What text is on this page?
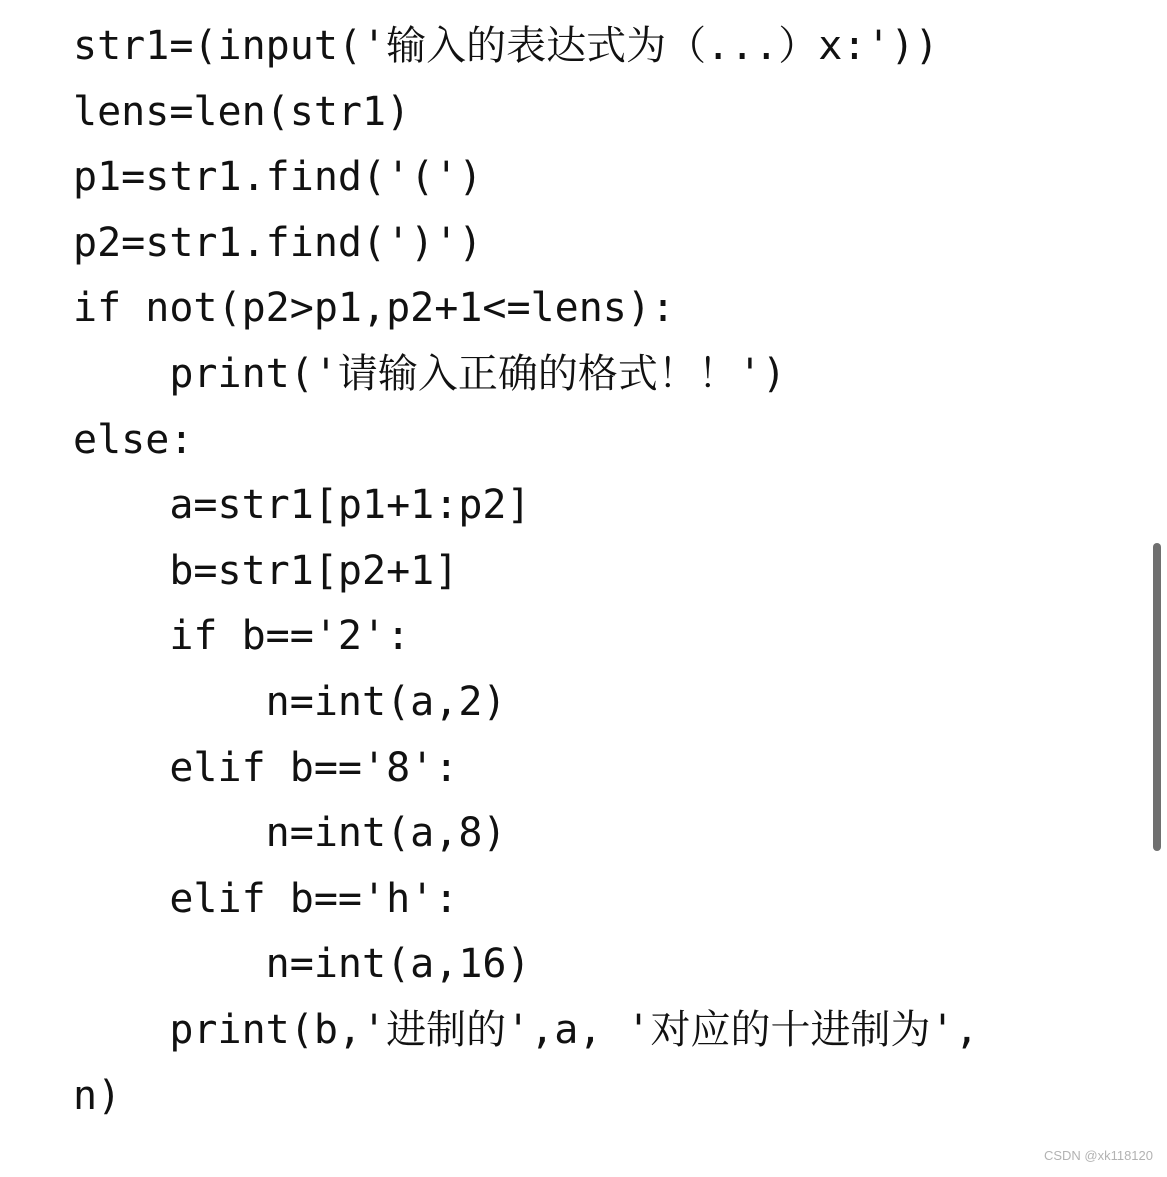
str1=(input('输入的表达式为（...）x:'))
lens=len(str1)
p1=str1.find('(')
p2=str1.find(')')
if not(p2>p1,p2+1<=lens):
print('请输入正确的格式！！')
else:
a=str1[p1+1:p2]
b=str1[p2+1]
if b=='2':
n=int(a,2)
elif b=='8':
n=int(a,8)
elif b=='h':
n=int(a,16)
print(b,'进制的',a, '对应的十进制为',
n)
CSDN @xk118120
